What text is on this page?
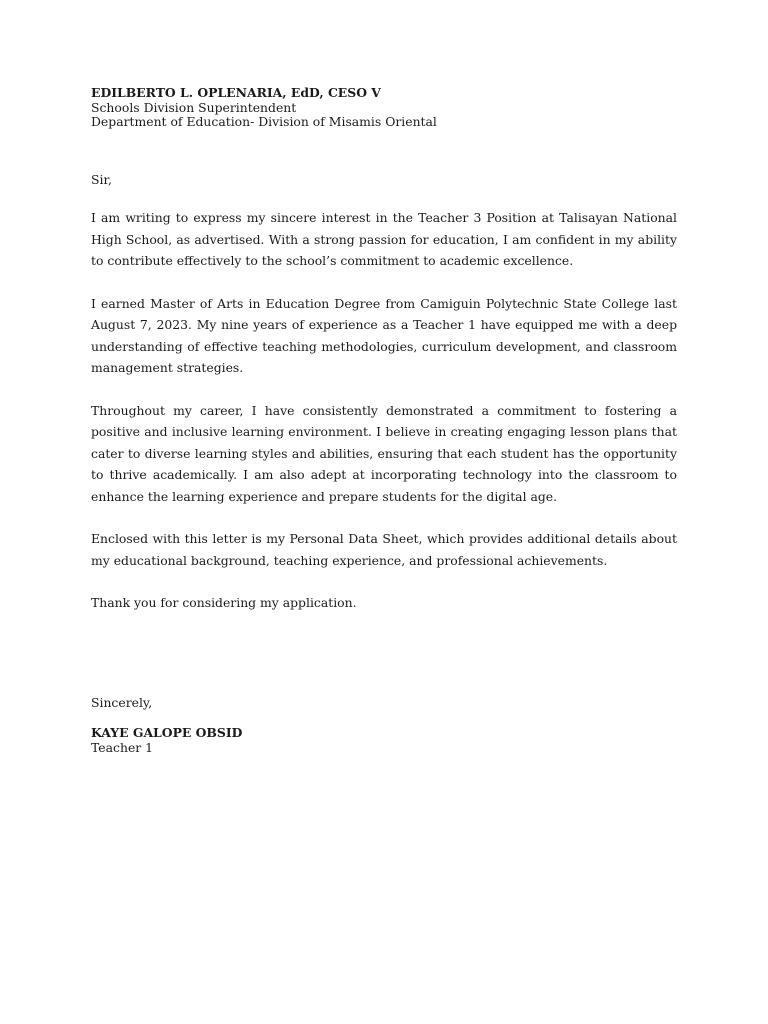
EDILBERTO L. OPLENARIA, EdD, CESO V

Schools Division Superintendent

Department of Education- Division of Misamis Oriental

Sir,

I am writing to express my sincere interest in the Teacher 3 Position at Talisayan National High School, as advertised. With a strong passion for education, I am confident in my ability to contribute effectively to the school’s commitment to academic excellence.

I earned Master of Arts in Education Degree from Camiguin Polytechnic State College last August 7, 2023. My nine years of experience as a Teacher 1 have equipped me with a deep understanding of effective teaching methodologies, curriculum development, and classroom management strategies.

Throughout my career, I have consistently demonstrated a commitment to fostering a positive and inclusive learning environment. I believe in creating engaging lesson plans that cater to diverse learning styles and abilities, ensuring that each student has the opportunity to thrive academically. I am also adept at incorporating technology into the classroom to enhance the learning experience and prepare students for the digital age.

Enclosed with this letter is my Personal Data Sheet, which provides additional details about my educational background, teaching experience, and professional achievements.

Thank you for considering my application.

Sincerely,

KAYE GALOPE OBSID

Teacher 1
